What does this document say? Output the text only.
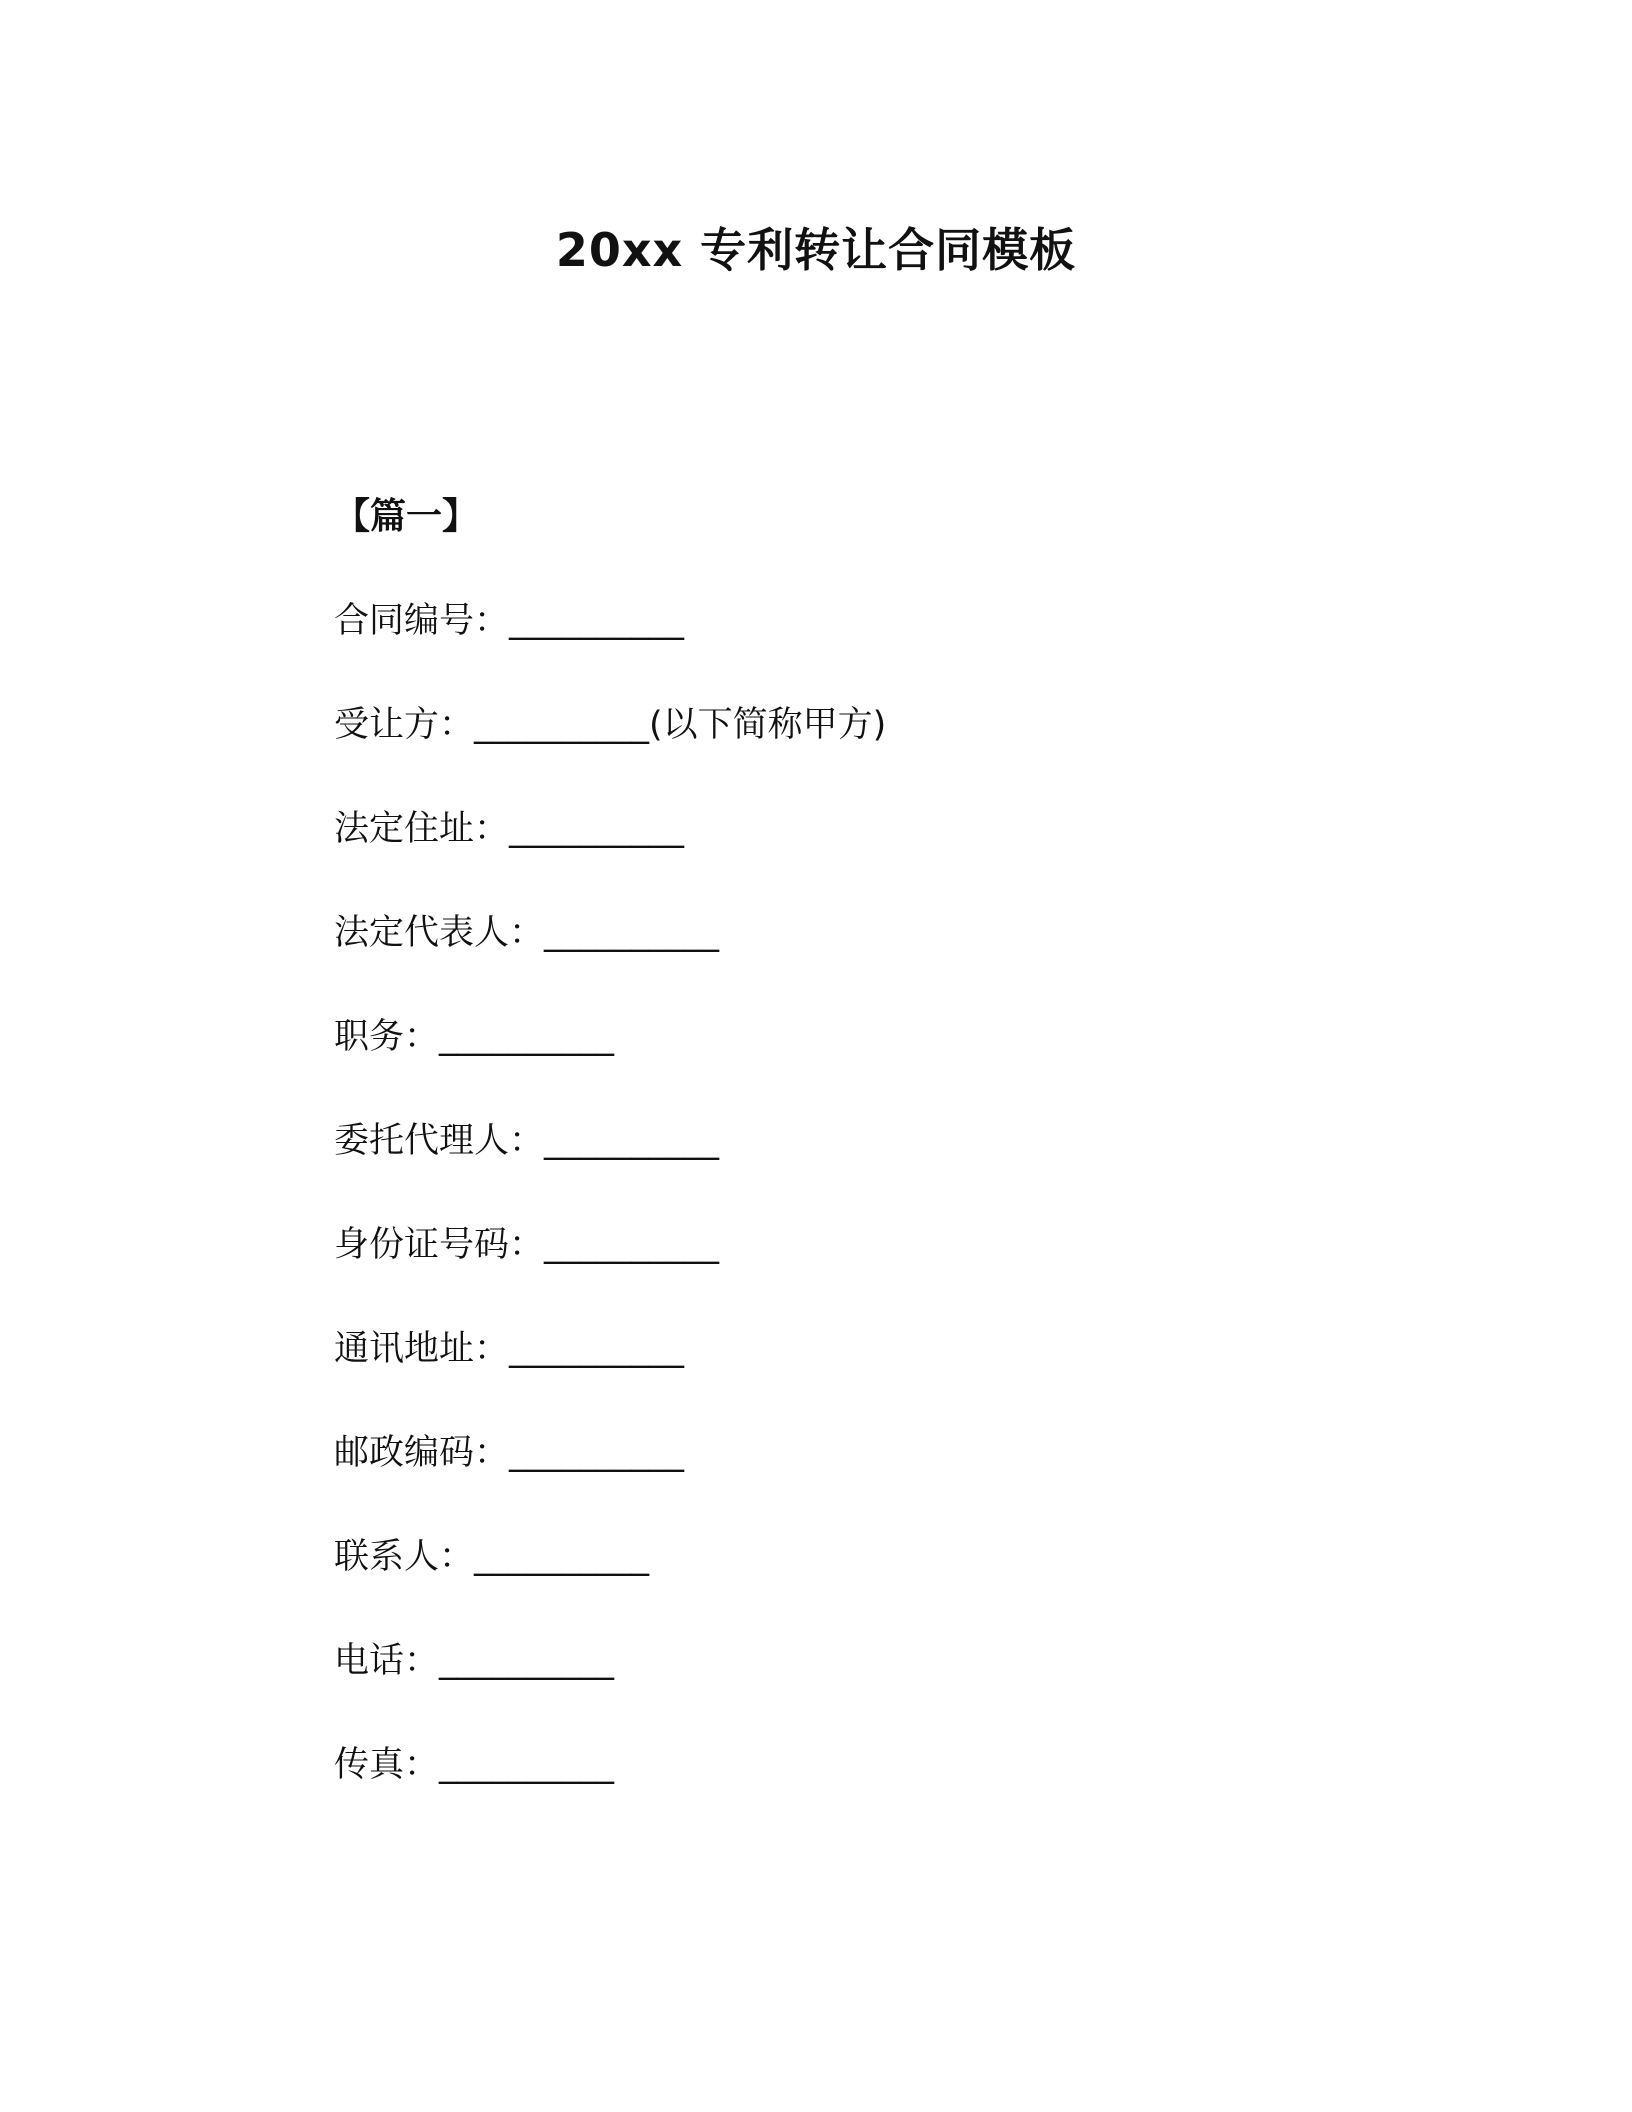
20xx 专利转让合同模板
【篇一】
合同编号：__________
受让方：__________(以下简称甲方)
法定住址：__________
法定代表人：__________
职务：__________
委托代理人：__________
身份证号码：__________
通讯地址：__________
邮政编码：__________
联系人：__________
电话：__________
传真：__________
